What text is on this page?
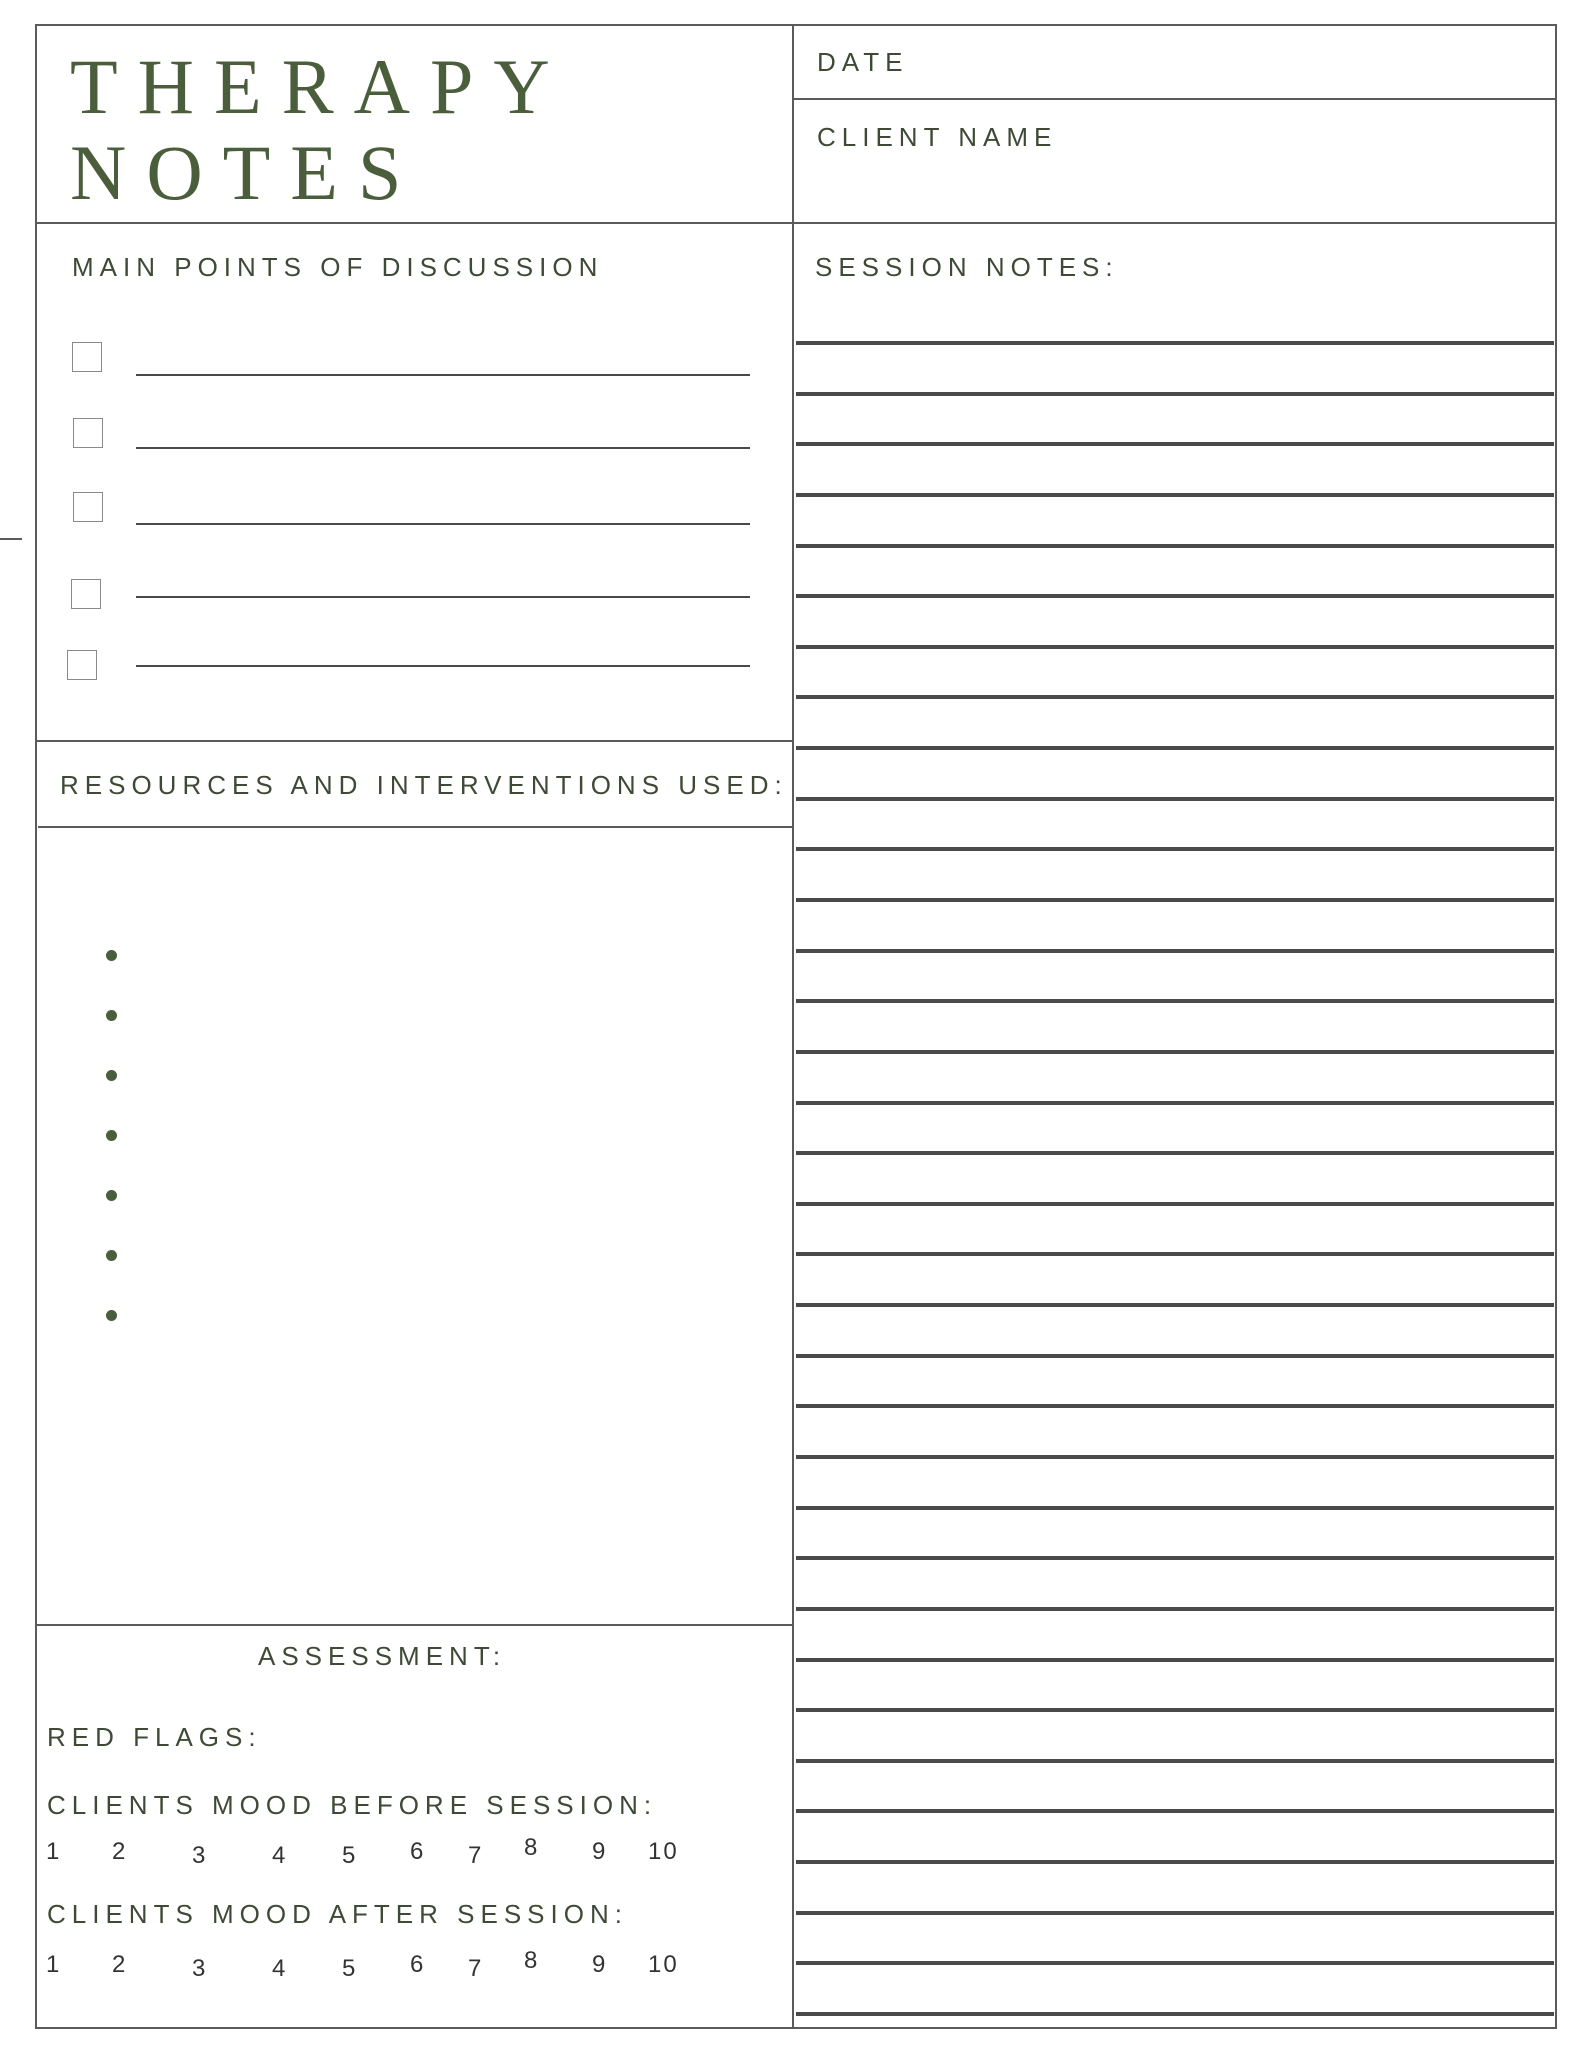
THERAPY
NOTES
DATE
CLIENT NAME
MAIN POINTS OF DISCUSSION	SESSION NOTES:
RESOURCES AND INTERVENTIONS USED:
ASSESSMENT:
RED FLAGS:
CLIENTS MOOD BEFORE SESSION:
1 2	3	4 5 6 7 8 9 10
CLIENTS MOOD AFTER SESSION:
1 2	3	4 5 6 7 8 9 10
